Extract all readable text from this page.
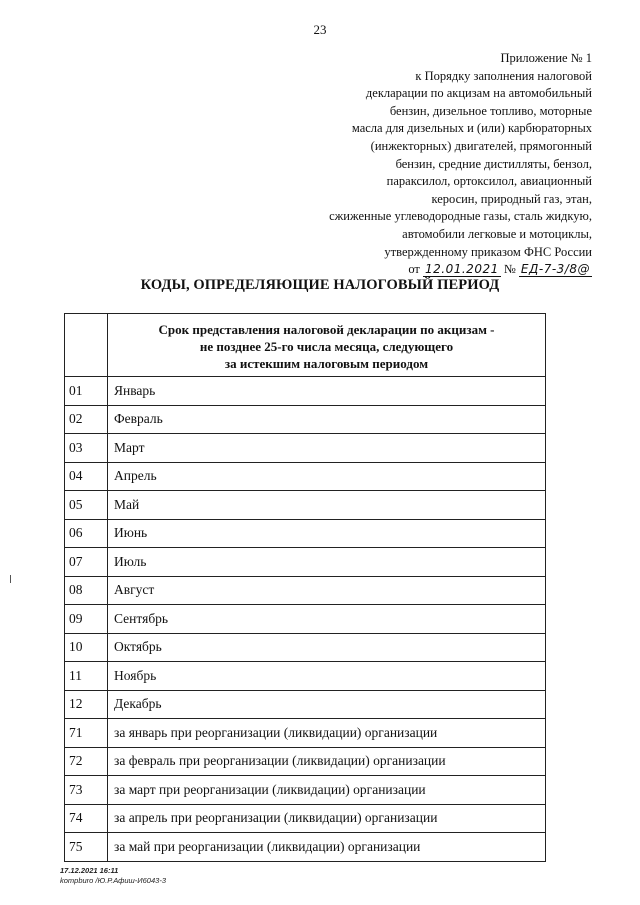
23
Приложение № 1
к Порядку заполнения налоговой
декларации по акцизам на автомобильный
бензин, дизельное топливо, моторные
масла для дизельных и (или) карбюраторных
(инжекторных) двигателей, прямогонный
бензин, средние дистилляты, бензол,
параксилол, ортоксилол, авиационный
керосин, природный газ, этан,
сжиженные углеводородные газы, сталь жидкую,
автомобили легковые и мотоциклы,
утвержденному приказом ФНС России
от 12.01.2021 № ЕД-7-3/8@
КОДЫ, ОПРЕДЕЛЯЮЩИЕ НАЛОГОВЫЙ ПЕРИОД

	Срок представления налоговой декларации по акцизам -
не позднее 25-го числа месяца, следующего
за истекшим налоговым периодом

01	Январь
02	Февраль
03	Март
04	Апрель
05	Май
06	Июнь
07	Июль
08	Август
09	Сентябрь
10	Октябрь
11	Ноябрь
12	Декабрь
71	за январь при реорганизации (ликвидации) организации
72	за февраль при реорганизации (ликвидации) организации
73	за март при реорганизации (ликвидации) организации
74	за апрель при реорганизации (ликвидации) организации
75	за май при реорганизации (ликвидации) организации
17.12.2021 16:11
kompburo /Ю.Р.Афиш-И6043-3
